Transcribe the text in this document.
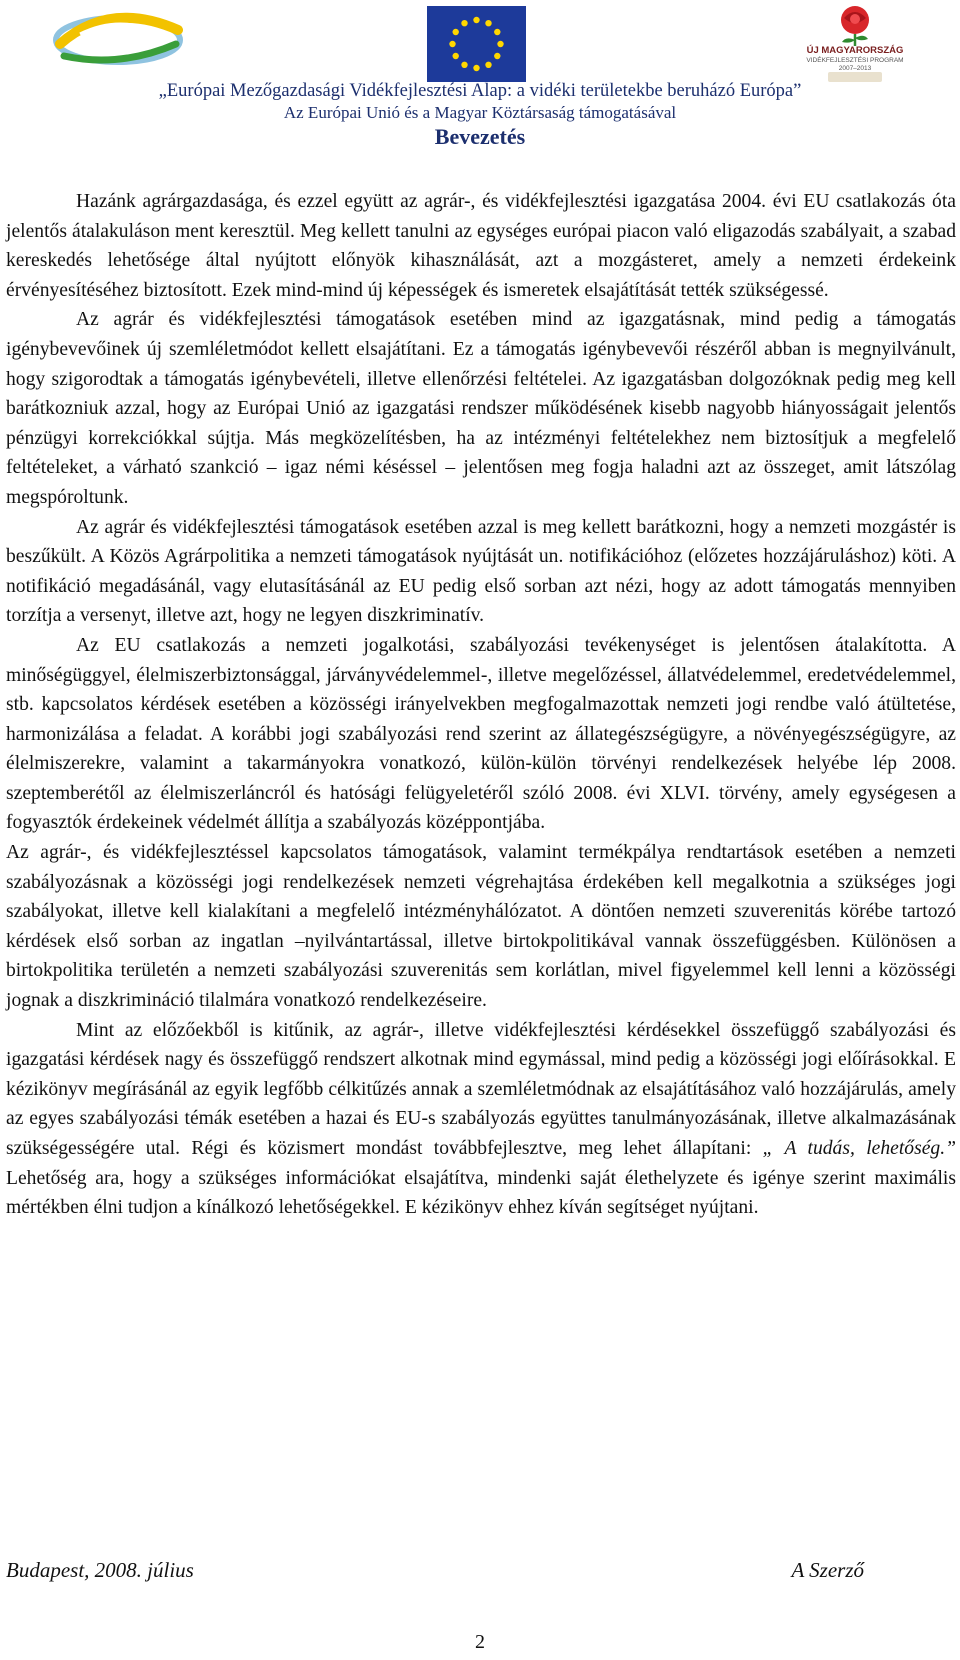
ÚJ MAGYARORSZÁG
VIDÉKFEJLESZTÉSI PROGRAM
2007–2013
„Európai Mezőgazdasági Vidékfejlesztési Alap: a vidéki területekbe beruházó Európa”
Az Európai Unió és a Magyar Köztársaság támogatásával
Bevezetés

Hazánk agrárgazdasága, és ezzel együtt az agrár-, és vidékfejlesztési igazgatása 2004. évi EU csatlakozás óta jelentős átalakuláson ment keresztül. Meg kellett tanulni az egységes európai piacon való eligazodás szabályait, a szabad kereskedés lehetősége által nyújtott előnyök kihasználását, azt a mozgásteret, amely a nemzeti érdekeink érvényesítéséhez biztosított. Ezek mind-mind új képességek és ismeretek elsajátítását tették szükségessé.

Az agrár és vidékfejlesztési támogatások esetében mind az igazgatásnak, mind pedig a támogatás igénybevevőinek új szemléletmódot kellett elsajátítani. Ez a támogatás igénybevevői részéről abban is megnyilvánult, hogy szigorodtak a támogatás igénybevételi, illetve ellenőrzési feltételei. Az igazgatásban dolgozóknak pedig meg kell barátkozniuk azzal, hogy az Európai Unió az igazgatási rendszer működésének kisebb nagyobb hiányosságait jelentős pénzügyi korrekciókkal sújtja. Más megközelítésben, ha az intézményi feltételekhez nem biztosítjuk a megfelelő feltételeket, a várható szankció – igaz némi késéssel – jelentősen meg fogja haladni azt az összeget, amit látszólag megspóroltunk.

Az agrár és vidékfejlesztési támogatások esetében azzal is meg kellett barátkozni, hogy a nemzeti mozgástér is beszűkült. A Közös Agrárpolitika a nemzeti támogatások nyújtását un. notifikációhoz (előzetes hozzájáruláshoz) köti. A notifikáció megadásánál, vagy elutasításánál az EU pedig első sorban azt nézi, hogy az adott támogatás mennyiben torzítja a versenyt, illetve azt, hogy ne legyen diszkriminatív.

Az EU csatlakozás a nemzeti jogalkotási, szabályozási tevékenységet is jelentősen átalakította. A minőségüggyel, élelmiszerbiztonsággal, járványvédelemmel-, illetve megelőzéssel, állatvédelemmel, eredetvédelemmel, stb. kapcsolatos kérdések esetében a közösségi irányelvekben megfogalmazottak nemzeti jogi rendbe való átültetése, harmonizálása a feladat. A korábbi jogi szabályozási rend szerint az állategészségügyre, a növényegészségügyre, az élelmiszerekre, valamint a takarmányokra vonatkozó, külön-külön törvényi rendelkezések helyébe lép 2008. szeptemberétől az élelmiszerláncról és hatósági felügyeletéről szóló 2008. évi XLVI. törvény, amely egységesen a fogyasztók érdekeinek védelmét állítja a szabályozás középpontjába.

Az agrár-, és vidékfejlesztéssel kapcsolatos támogatások, valamint termékpálya rendtartások esetében a nemzeti szabályozásnak a közösségi jogi rendelkezések nemzeti végrehajtása érdekében kell megalkotnia a szükséges jogi szabályokat, illetve kell kialakítani a megfelelő intézményhálózatot. A döntően nemzeti szuverenitás körébe tartozó kérdések első sorban az ingatlan –nyilvántartással, illetve birtokpolitikával vannak összefüggésben. Különösen a birtokpolitika területén a nemzeti szabályozási szuverenitás sem korlátlan, mivel figyelemmel kell lenni a közösségi jognak a diszkrimináció tilalmára vonatkozó rendelkezéseire.

Mint az előzőekből is kitűnik, az agrár-, illetve vidékfejlesztési kérdésekkel összefüggő szabályozási és igazgatási kérdések nagy és összefüggő rendszert alkotnak mind egymással, mind pedig a közösségi jogi előírásokkal. E kézikönyv megírásánál az egyik legfőbb célkitűzés annak a szemléletmódnak az elsajátításához való hozzájárulás, amely az egyes szabályozási témák esetében a hazai és EU-s szabályozás együttes tanulmányozásának, illetve alkalmazásának szükségességére utal. Régi és közismert mondást továbbfejlesztve, meg lehet állapítani: „ A tudás, lehetőség.” Lehetőség ara, hogy a szükséges információkat elsajátítva, mindenki saját élethelyzete és igénye szerint maximális mértékben élni tudjon a kínálkozó lehetőségekkel. E kézikönyv ehhez kíván segítséget nyújtani.

Budapest, 2008. július	A Szerző
2
